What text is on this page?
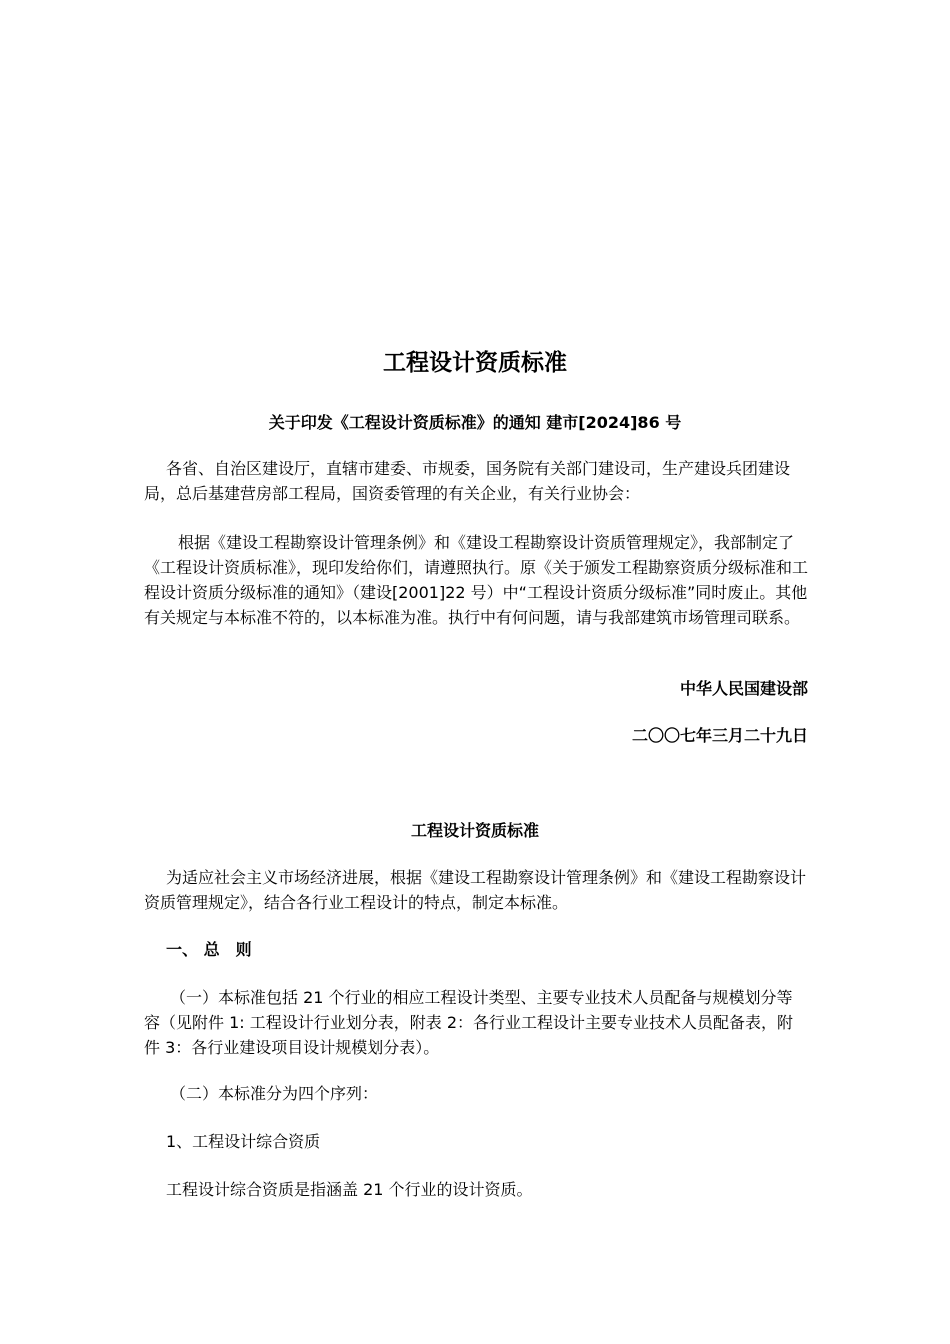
工程设计资质标准

关于印发《工程设计资质标准》的通知 建市[2024]86 号

各省、自治区建设厅，直辖市建委、市规委，国务院有关部门建设司，生产建设兵团建设局，总后基建营房部工程局，国资委管理的有关企业，有关行业协会：

根据《建设工程勘察设计管理条例》和《建设工程勘察设计资质管理规定》，我部制定了《工程设计资质标准》，现印发给你们，请遵照执行。原《关于颁发工程勘察资质分级标准和工程设计资质分级标准的通知》（建设[2001]22 号）中“工程设计资质分级标准”同时废止。其他有关规定与本标准不符的，以本标准为准。执行中有何问题，请与我部建筑市场管理司联系。

中华人民国建设部

二〇〇七年三月二十九日

工程设计资质标准

为适应社会主义市场经济进展，根据《建设工程勘察设计管理条例》和《建设工程勘察设计资质管理规定》，结合各行业工程设计的特点，制定本标准。

一、 总　则

（一）本标准包括 21 个行业的相应工程设计类型、主要专业技术人员配备与规模划分等容（见附件 1: 工程设计行业划分表，附表 2：各行业工程设计主要专业技术人员配备表，附件 3：各行业建设项目设计规模划分表）。

（二）本标准分为四个序列：

1、工程设计综合资质

工程设计综合资质是指涵盖 21 个行业的设计资质。
